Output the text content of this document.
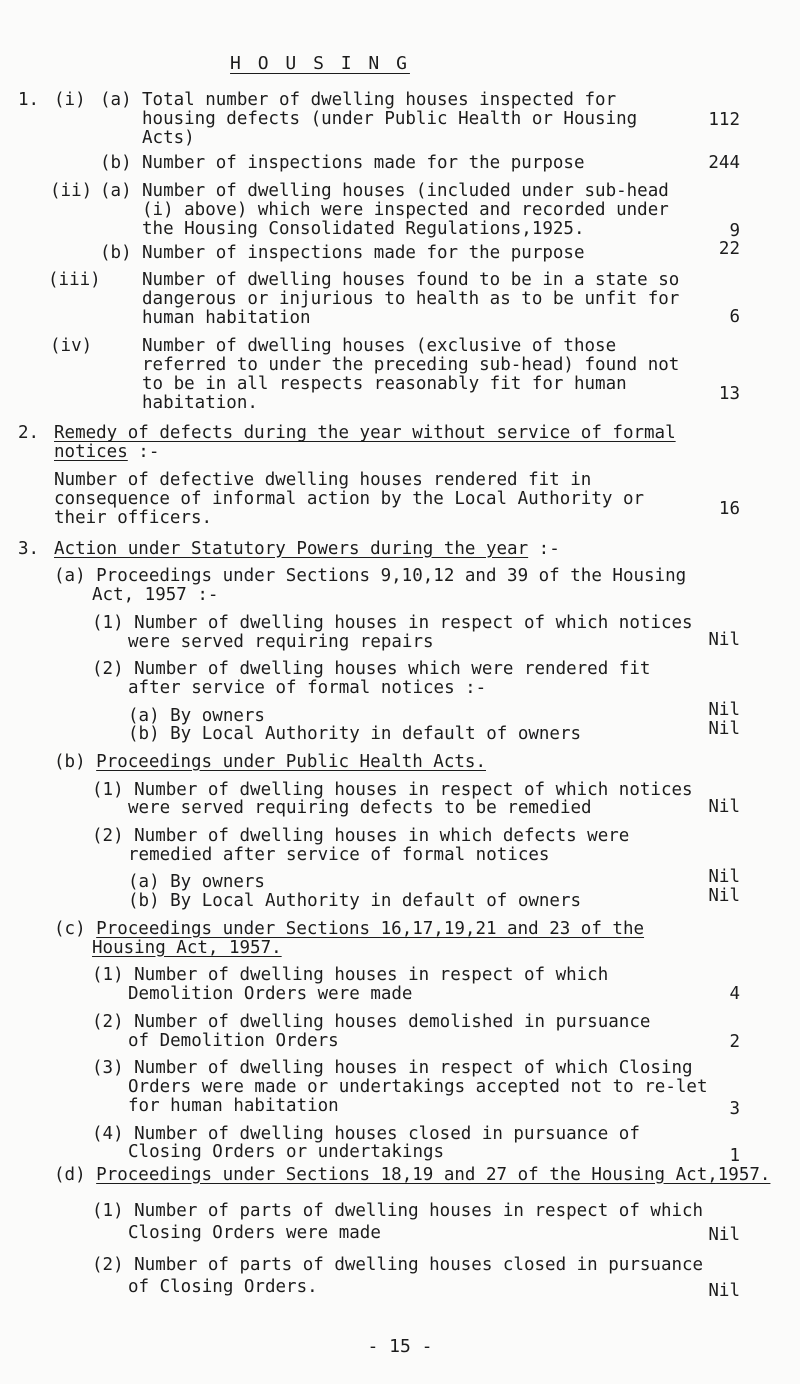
H O U S I N G
1. (i) (a) Total number of dwelling houses inspected for
housing defects (under Public Health or Housing
Acts)
112
(b) Number of inspections made for the purpose	244
(ii) (a) Number of dwelling houses (included under sub-head
(i) above) which were inspected and recorded under
the Housing Consolidated Regulations,1925.	9
(b) Number of inspections made for the purpose	22
(iii) Number of dwelling houses found to be in a state so
dangerous or injurious to health as to be unfit for
human habitation	6
(iv)	Number of dwelling houses (exclusive of those
referred to under the preceding sub-head) found not
to be in all respects reasonably fit for human
habitation.	13
2. Remedy of defects during the year without service of formal
notices :-
Number of defective dwelling houses rendered fit in
consequence of informal action by the Local Authority or
their officers.	16
3. Action under Statutory Powers during the year :-
(a) Proceedings under Sections 9,10,12 and 39 of the Housing
Act, 1957 :-
(1) Number of dwelling houses in respect of which notices
were served requiring repairs	Nil
(2) Number of dwelling houses which were rendered fit
after service of formal notices :-
(a) By owners	Nil
(b) By Local Authority in default of owners	Nil
(b) Proceedings under Public Health Acts.
(1) Number of dwelling houses in respect of which notices
were served requiring defects to be remedied	Nil
(2) Number of dwelling houses in which defects were
remedied after service of formal notices
(a) By owners	Nil
(b) By Local Authority in default of owners	Nil
(c) Proceedings under Sections 16,17,19,21 and 23 of the
Housing Act, 1957.
(1) Number of dwelling houses in respect of which
Demolition Orders were made	4
(2) Number of dwelling houses demolished in pursuance
of Demolition Orders	2
(3) Number of dwelling houses in respect of which Closing
Orders were made or undertakings accepted not to re-let
for human habitation	3
(4) Number of dwelling houses closed in pursuance of
Closing Orders or undertakings	1
- 15 -
(d) Proceedings under Sections 18,19 and 27 of the Housing Act,1957.
(1) Number of parts of dwelling houses in respect of which
Closing Orders were made	Nil
(2) Number of parts of dwelling houses closed in pursuance
of Closing Orders.	Nil
